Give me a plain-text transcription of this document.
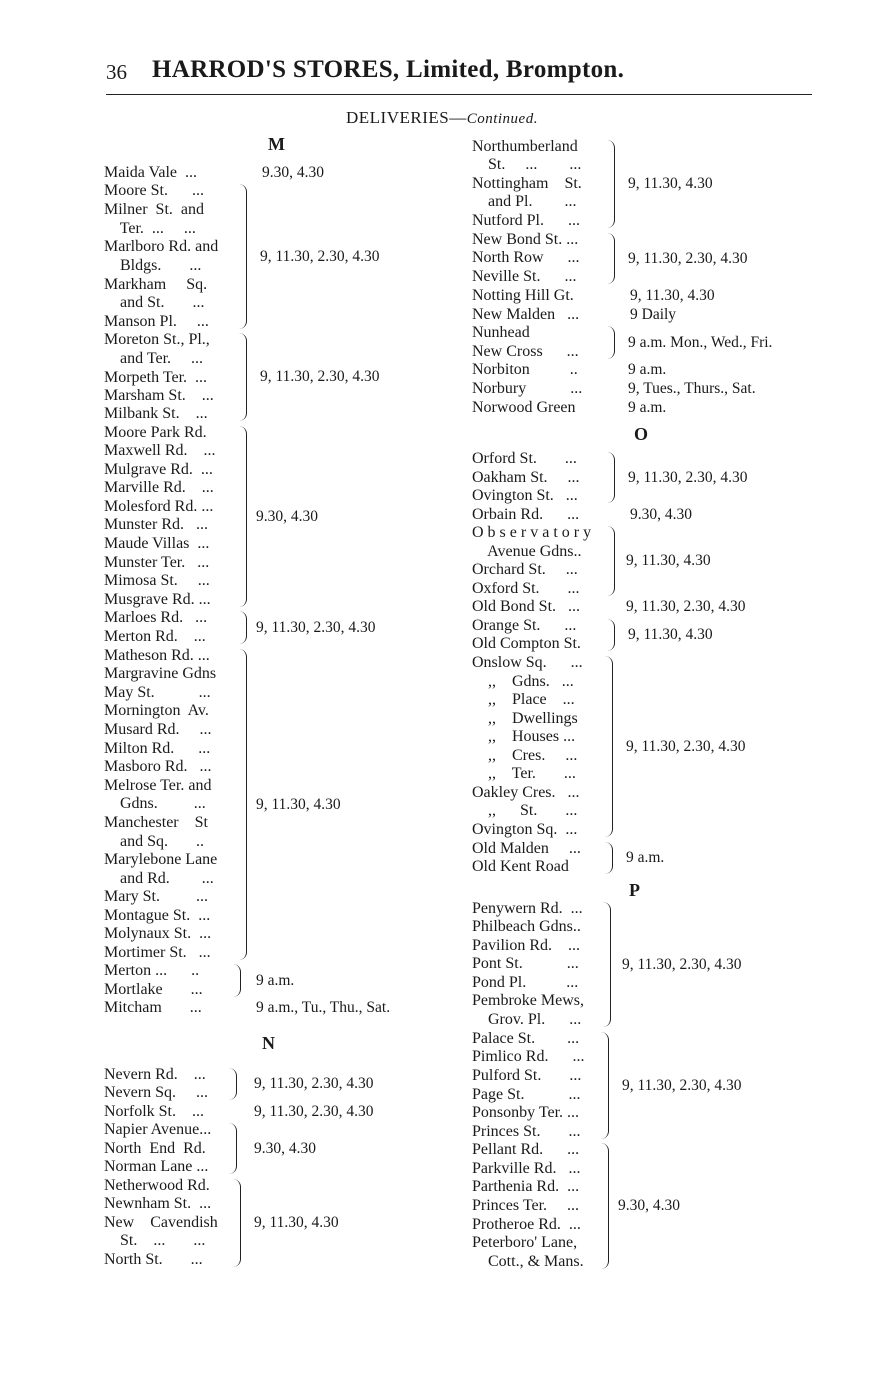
36 HARROD'S STORES, Limited, Brompton.
DELIVERIES—Continued.
M
N
O
P
Maida Vale  ...
Moore St.      ...
Milner  St.  and
Ter.  ...     ...
Marlboro Rd. and
Bldgs.       ...
Markham     Sq.
and St.       ...
Manson Pl.     ...
Moreton St., Pl.,
and Ter.     ...
Morpeth Ter.  ...
Marsham St.    ...
Milbank St.    ...
Moore Park Rd.
Maxwell Rd.    ...
Mulgrave Rd.  ...
Marville Rd.    ...
Molesford Rd. ...
Munster Rd.   ...
Maude Villas  ...
Munster Ter.   ...
Mimosa St.     ...
Musgrave Rd. ...
Marloes Rd.   ...
Merton Rd.    ...
Matheson Rd. ...
Margravine Gdns
May St.           ...
Mornington  Av.
Musard Rd.     ...
Milton Rd.      ...
Masboro Rd.   ...
Melrose Ter. and
Gdns.         ...
Manchester    St
and Sq.       ..
Marylebone Lane
and Rd.        ...
Mary St.         ...
Montague St.  ...
Molynaux St.  ...
Mortimer St.   ...
Merton ...      ..
Mortlake       ...
Mitcham       ...
Nevern Rd.    ...
Nevern Sq.     ...
Norfolk St.    ...
Napier Avenue...
North  End  Rd.
Norman Lane ...
Netherwood Rd.
Newnham St.  ...
New    Cavendish
St.    ...       ...
North St.       ...
9.30, 4.30
9, 11.30, 2.30, 4.30
9, 11.30, 2.30, 4.30
9.30, 4.30
9, 11.30, 2.30, 4.30
9, 11.30, 4.30
9 a.m.
9 a.m., Tu., Thu., Sat.
9, 11.30, 2.30, 4.30
9, 11.30, 2.30, 4.30
9.30, 4.30
9, 11.30, 4.30
Northumberland
St.     ...        ...
Nottingham    St.
and Pl.        ...
Nutford Pl.      ...
New Bond St. ...
North Row      ...
Neville St.      ...
Notting Hill Gt.
New Malden   ...
Nunhead
New Cross      ...
Norbiton          ..
Norbury           ...
Norwood Green
Orford St.       ...
Oakham St.     ...
Ovington St.   ...
Orbain Rd.      ...
O b s e r v a t o r y
Avenue Gdns..
Orchard St.     ...
Oxford St.       ...
Old Bond St.   ...
Orange St.      ...
Old Compton St.
Onslow Sq.      ...
,,    Gdns.   ...
,,    Place    ...
,,    Dwellings
,,    Houses ...
,,    Cres.     ...
,,    Ter.       ...
Oakley Cres.   ...
,,      St.       ...
Ovington Sq.  ...
Old Malden     ...
Old Kent Road
Penywern Rd.  ...
Philbeach Gdns..
Pavilion Rd.    ...
Pont St.           ...
Pond Pl.          ...
Pembroke Mews,
Grov. Pl.      ...
Palace St.        ...
Pimlico Rd.      ...
Pulford St.       ...
Page St.           ...
Ponsonby Ter. ...
Princes St.       ...
Pellant Rd.      ...
Parkville Rd.   ...
Parthenia Rd.  ...
Princes Ter.     ...
Protheroe Rd.  ...
Peterboro' Lane,
Cott., & Mans.
9, 11.30, 4.30
9, 11.30, 2.30, 4.30
9, 11.30, 4.30
9 Daily
9 a.m. Mon., Wed., Fri.
9 a.m.
9, Tues., Thurs., Sat.
9 a.m.
9, 11.30, 2.30, 4.30
9.30, 4.30
9, 11.30, 4.30
9, 11.30, 2.30, 4.30
9, 11.30, 4.30
9, 11.30, 2.30, 4.30
9 a.m.
9, 11.30, 2.30, 4.30
9, 11.30, 2.30, 4.30
9.30, 4.30
